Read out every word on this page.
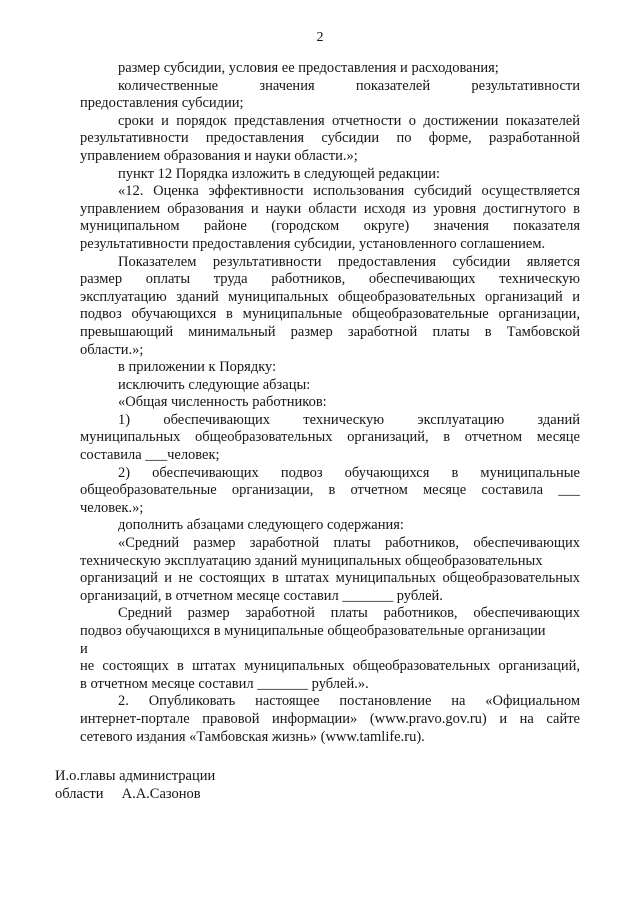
2

размер субсидии, условия ее предоставления и расходования;

количественные значения показателей результативности

предоставления субсидии;

сроки и порядок представления отчетности о достижении показателей

результативности предоставления субсидии по форме, разработанной

управлением образования и науки области.»;

пункт 12 Порядка изложить в следующей редакции:

«12. Оценка эффективности использования субсидий осуществляется

управлением образования и науки области исходя из уровня достигнутого в

муниципальном районе (городском округе) значения показателя

результативности предоставления субсидии, установленного соглашением.

Показателем результативности предоставления субсидии является

размер оплаты труда работников, обеспечивающих техническую

эксплуатацию зданий муниципальных общеобразовательных организаций и

подвоз обучающихся в муниципальные общеобразовательные организации,

превышающий минимальный размер заработной платы в Тамбовской

области.»;

в приложении к Порядку:

исключить следующие абзацы:

«Общая численность работников:

1) обеспечивающих техническую эксплуатацию зданий

муниципальных общеобразовательных организаций, в отчетном месяце

составила ___человек;

2) обеспечивающих подвоз обучающихся в муниципальные

общеобразовательные организации, в отчетном месяце составила ___

человек.»;

дополнить абзацами следующего содержания:

«Средний размер заработной платы работников, обеспечивающих

техническую эксплуатацию зданий муниципальных общеобразовательных

организаций и не состоящих в штатах муниципальных общеобразовательных

организаций, в отчетном месяце составил _______ рублей.

Средний размер заработной платы работников, обеспечивающих

подвоз обучающихся в муниципальные общеобразовательные организации

и

не состоящих в штатах муниципальных общеобразовательных организаций,

в отчетном месяце составил _______ рублей.».

2. Опубликовать настоящее постановление на «Официальном

интернет-портале правовой информации» (www.pravo.gov.ru) и на сайте

сетевого издания «Тамбовская жизнь» (www.tamlife.ru).

И.о.главы администрации
области     А.А.Сазонов
